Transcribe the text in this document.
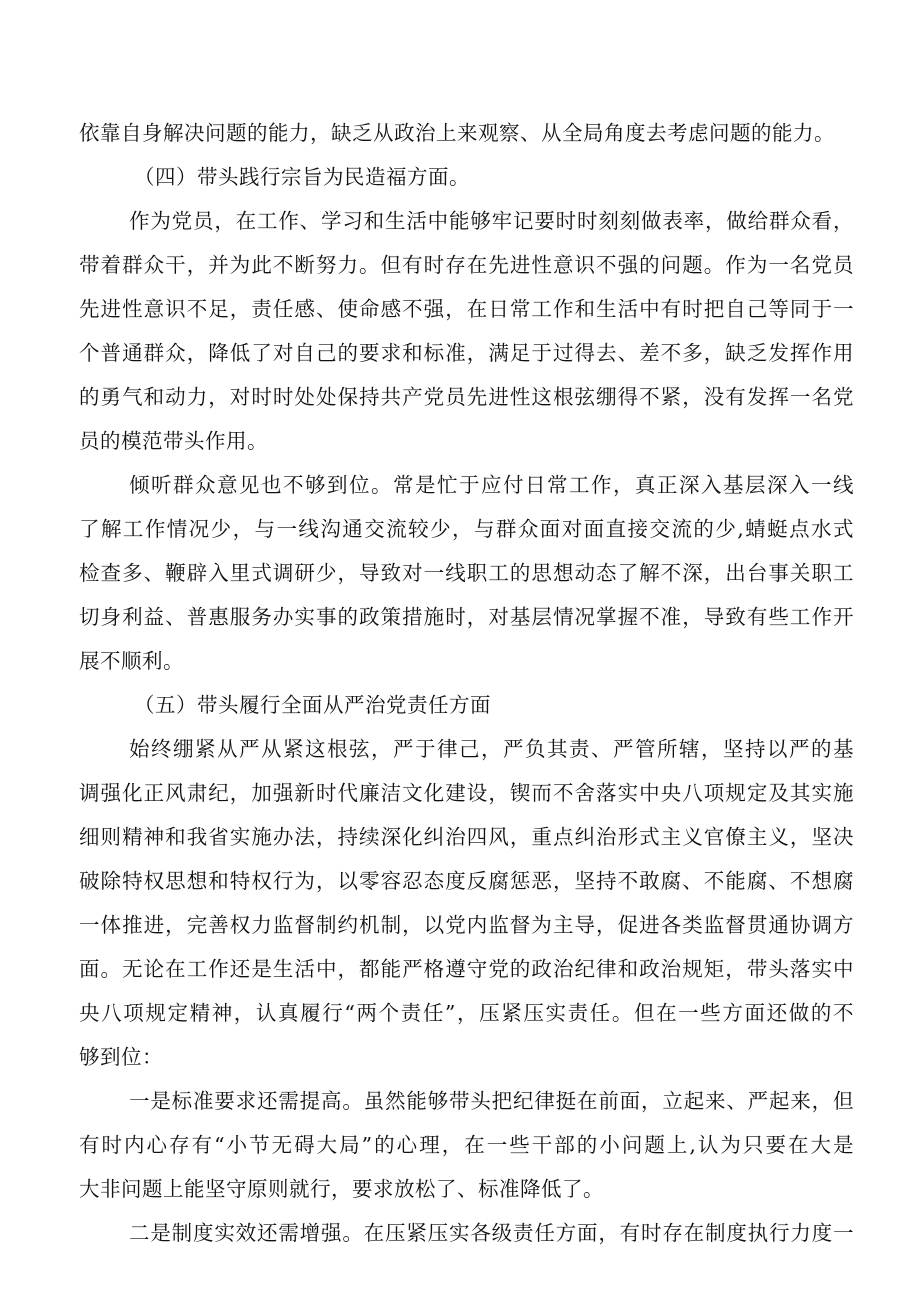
依靠自身解决问题的能力，缺乏从政治上来观察、从全局角度去考虑问题的能力。
（四）带头践行宗旨为民造福方面。
作为党员，在工作、学习和生活中能够牢记要时时刻刻做表率，做给群众看，
带着群众干，并为此不断努力。但有时存在先进性意识不强的问题。作为一名党员
先进性意识不足，责任感、使命感不强，在日常工作和生活中有时把自己等同于一
个普通群众，降低了对自己的要求和标准，满足于过得去、差不多，缺乏发挥作用
的勇气和动力，对时时处处保持共产党员先进性这根弦绷得不紧，没有发挥一名党
员的模范带头作用。
倾听群众意见也不够到位。常是忙于应付日常工作，真正深入基层深入一线
了解工作情况少，与一线沟通交流较少，与群众面对面直接交流的少,蜻蜓点水式
检查多、鞭辟入里式调研少，导致对一线职工的思想动态了解不深，出台事关职工
切身利益、普惠服务办实事的政策措施时，对基层情况掌握不准，导致有些工作开
展不顺利。
（五）带头履行全面从严治党责任方面
始终绷紧从严从紧这根弦，严于律己，严负其责、严管所辖，坚持以严的基
调强化正风肃纪，加强新时代廉洁文化建设，锲而不舍落实中央八项规定及其实施
细则精神和我省实施办法，持续深化纠治四风，重点纠治形式主义官僚主义，坚决
破除特权思想和特权行为，以零容忍态度反腐惩恶，坚持不敢腐、不能腐、不想腐
一体推进，完善权力监督制约机制，以党内监督为主导，促进各类监督贯通协调方
面。无论在工作还是生活中，都能严格遵守党的政治纪律和政治规矩，带头落实中
央八项规定精神，认真履行“两个责任”，压紧压实责任。但在一些方面还做的不
够到位：
一是标准要求还需提高。虽然能够带头把纪律挺在前面，立起来、严起来，但
有时内心存有“小节无碍大局”的心理，在一些干部的小问题上,认为只要在大是
大非问题上能坚守原则就行，要求放松了、标准降低了。
二是制度实效还需增强。在压紧压实各级责任方面，有时存在制度执行力度一
